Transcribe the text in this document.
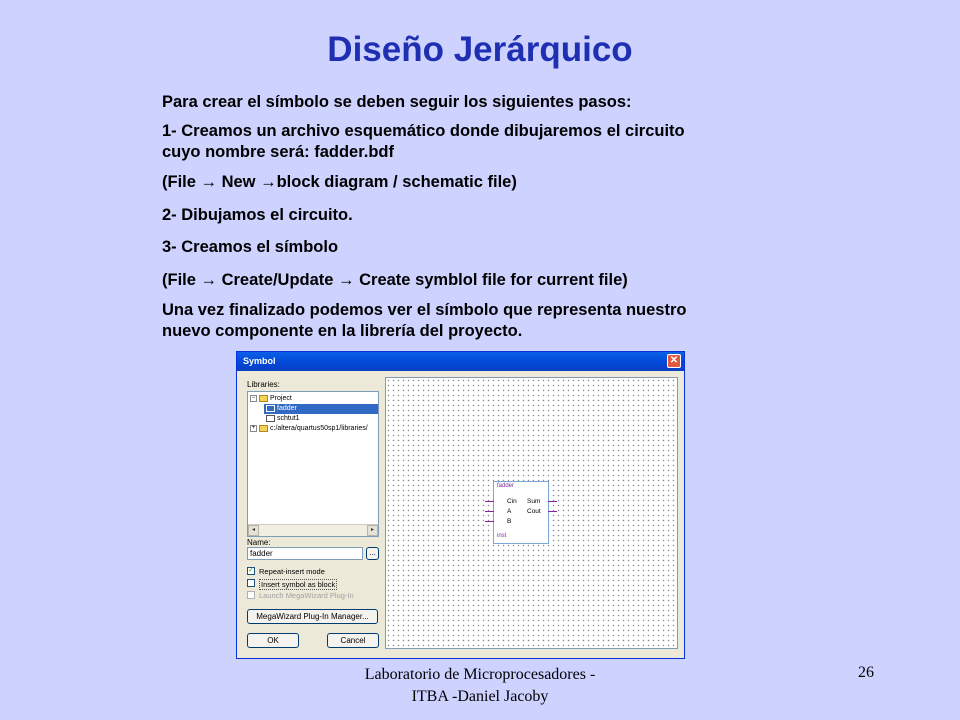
Diseño Jerárquico
Para crear el símbolo se deben seguir los siguientes pasos:
1- Creamos un archivo esquemático donde dibujaremos el circuito cuyo nombre será: fadder.bdf
(File → New →block diagram / schematic file)
2- Dibujamos el circuito.
3- Creamos el símbolo
(File → Create/Update → Create symblol file for current file)
Una vez finalizado podemos ver el símbolo que representa nuestro nuevo componente en la librería del proyecto.
Symbol	✕
Libraries:
− Project
fadder
schtut1
+ c:/altera/quartus50sp1/libraries/
◂	▸
Name:
fadder	...
✓ Repeat-insert mode
Insert symbol as block
Launch MegaWizard Plug-In
MegaWizard Plug-In Manager...
OK	Cancel
fadder
Cin
A
B
Sum
Cout
inst
Laboratorio de Microprocesadores -
ITBA -Daniel Jacoby
26
